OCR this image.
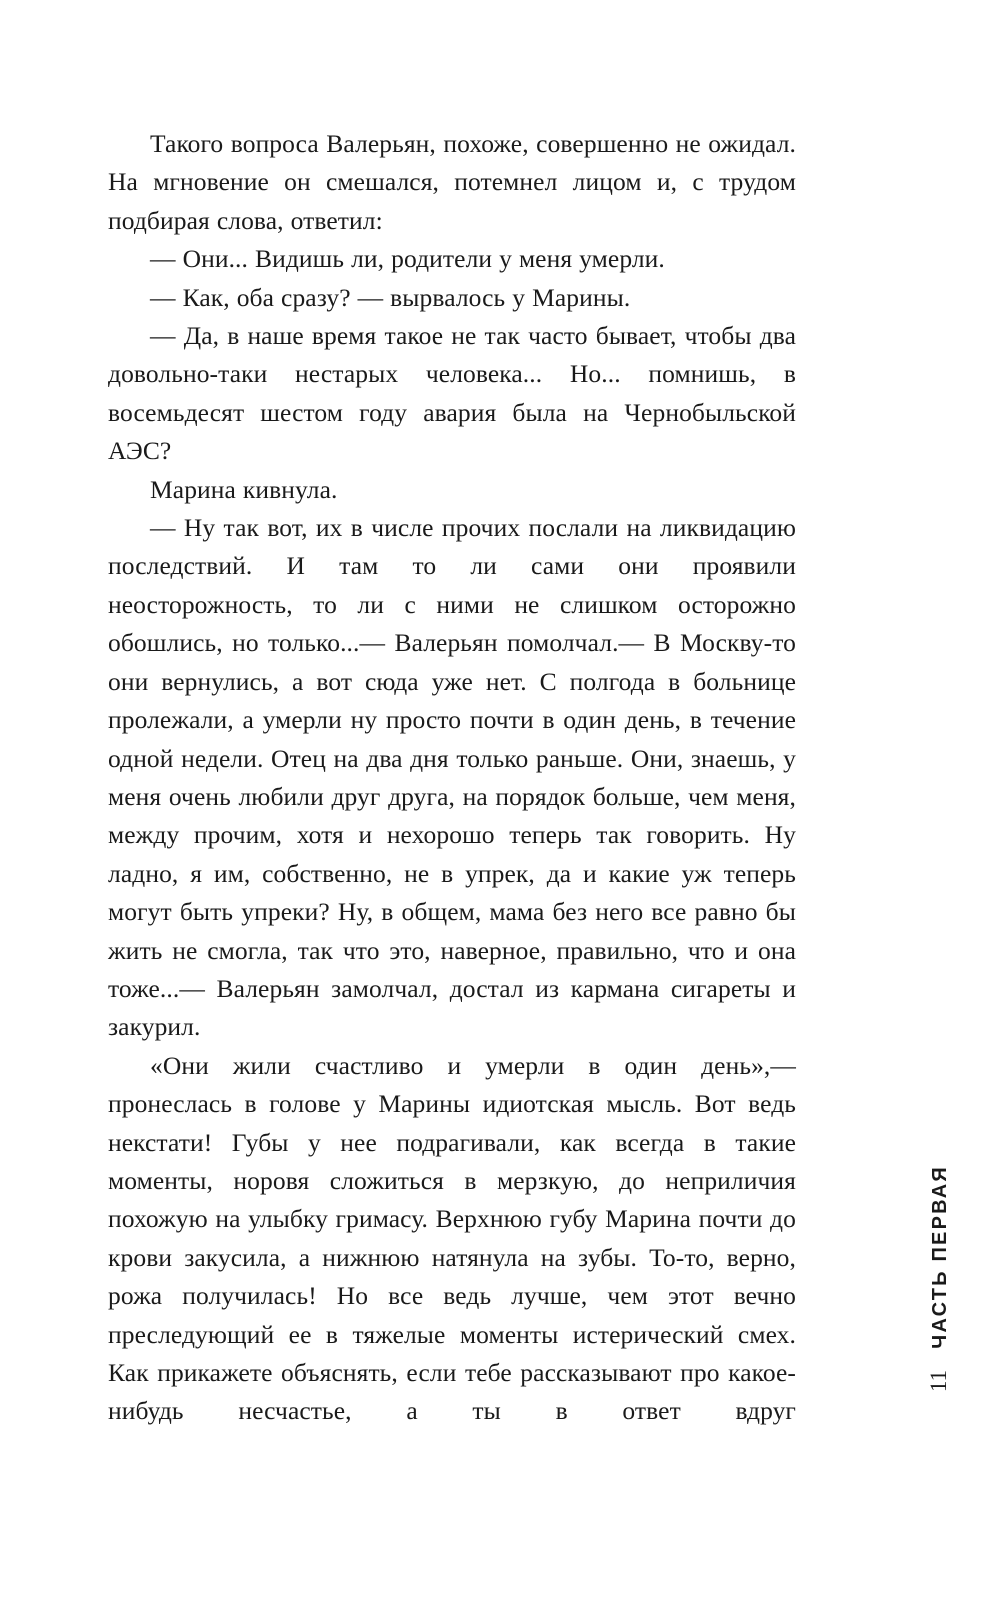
Такого вопроса Валерьян, похоже, совершенно не ожидал. На мгновение он смешался, потемнел лицом и, с трудом подбирая слова, ответил:

— Они... Видишь ли, родители у меня умерли.

— Как, оба сразу? — вырвалось у Марины.

— Да, в наше время такое не так часто бывает, чтобы два довольно-таки нестарых человека... Но... помнишь, в восемьдесят шестом году авария была на Чернобыльской АЭС?

Марина кивнула.

— Ну так вот, их в числе прочих послали на ликвидацию последствий. И там то ли сами они проявили неосторожность, то ли с ними не слишком осторожно обошлись, но только...— Валерьян помолчал.— В Москву-то они вернулись, а вот сюда уже нет. С полгода в больнице пролежали, а умерли ну просто почти в один день, в течение одной недели. Отец на два дня только раньше. Они, знаешь, у меня очень любили друг друга, на порядок больше, чем меня, между прочим, хотя и нехорошо теперь так говорить. Ну ладно, я им, собственно, не в упрек, да и какие уж теперь могут быть упреки? Ну, в общем, мама без него все равно бы жить не смогла, так что это, наверное, правильно, что и она тоже...— Валерьян замолчал, достал из кармана сигареты и закурил.

«Они жили счастливо и умерли в один день»,— пронеслась в голове у Марины идиотская мысль. Вот ведь некстати! Губы у нее подрагивали, как всегда в такие моменты, норовя сложиться в мерзкую, до неприличия похожую на улыбку гримасу. Верхнюю губу Марина почти до крови закусила, а нижнюю натянула на зубы. То-то, верно, рожа получилась! Но все ведь лучше, чем этот вечно преследующий ее в тяжелые моменты истерический смех. Как прикажете объяснять, если тебе рассказывают про какое-нибудь несчастье, а ты в ответ вдруг

ЧАСТЬ ПЕРВАЯ
11
